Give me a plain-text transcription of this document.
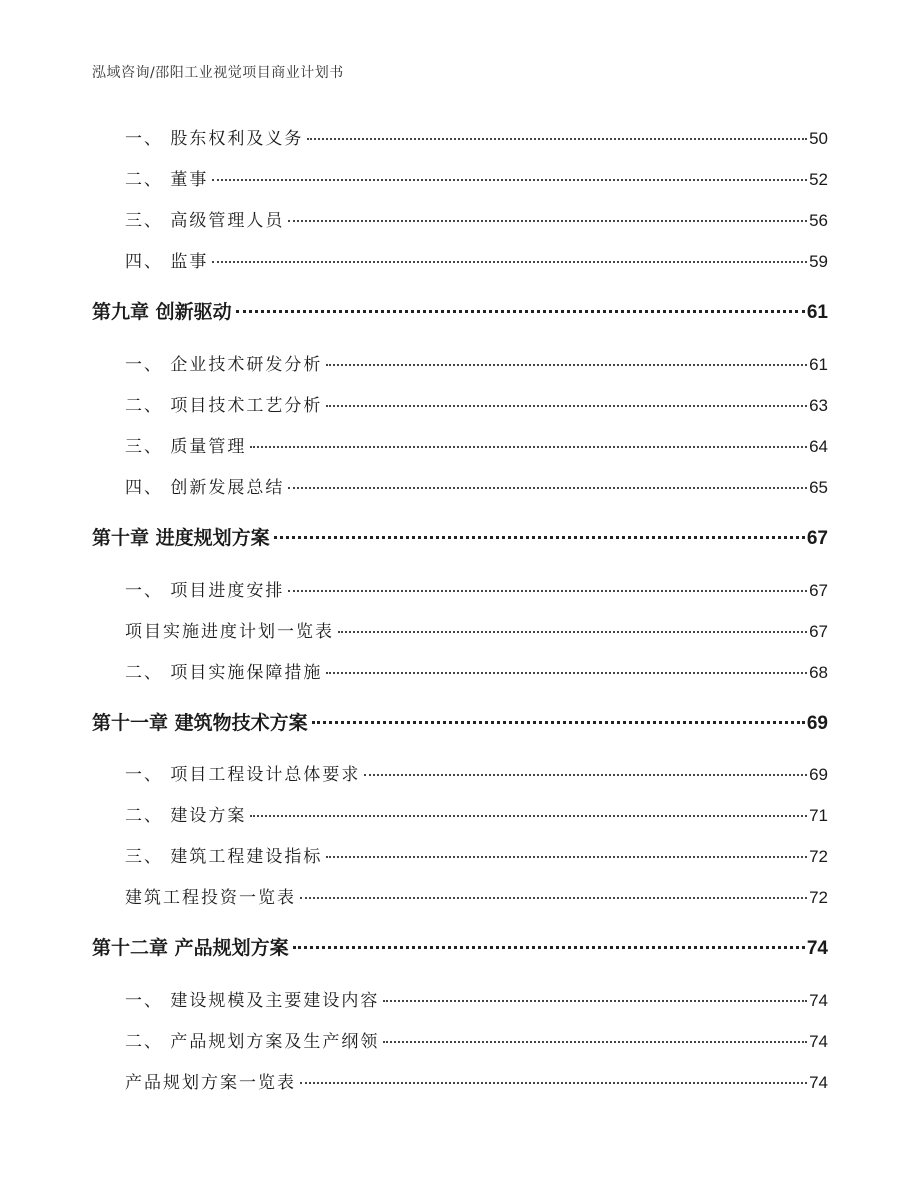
泓域咨询/邵阳工业视觉项目商业计划书
一、 股东权利及义务	50
二、 董事	52
三、 高级管理人员	56
四、 监事	59
第九章 创新驱动	61
一、 企业技术研发分析	61
二、 项目技术工艺分析	63
三、 质量管理	64
四、 创新发展总结	65
第十章 进度规划方案	67
一、 项目进度安排	67
项目实施进度计划一览表	67
二、 项目实施保障措施	68
第十一章 建筑物技术方案	69
一、 项目工程设计总体要求	69
二、 建设方案	71
三、 建筑工程建设指标	72
建筑工程投资一览表	72
第十二章 产品规划方案	74
一、 建设规模及主要建设内容	74
二、 产品规划方案及生产纲领	74
产品规划方案一览表	74
